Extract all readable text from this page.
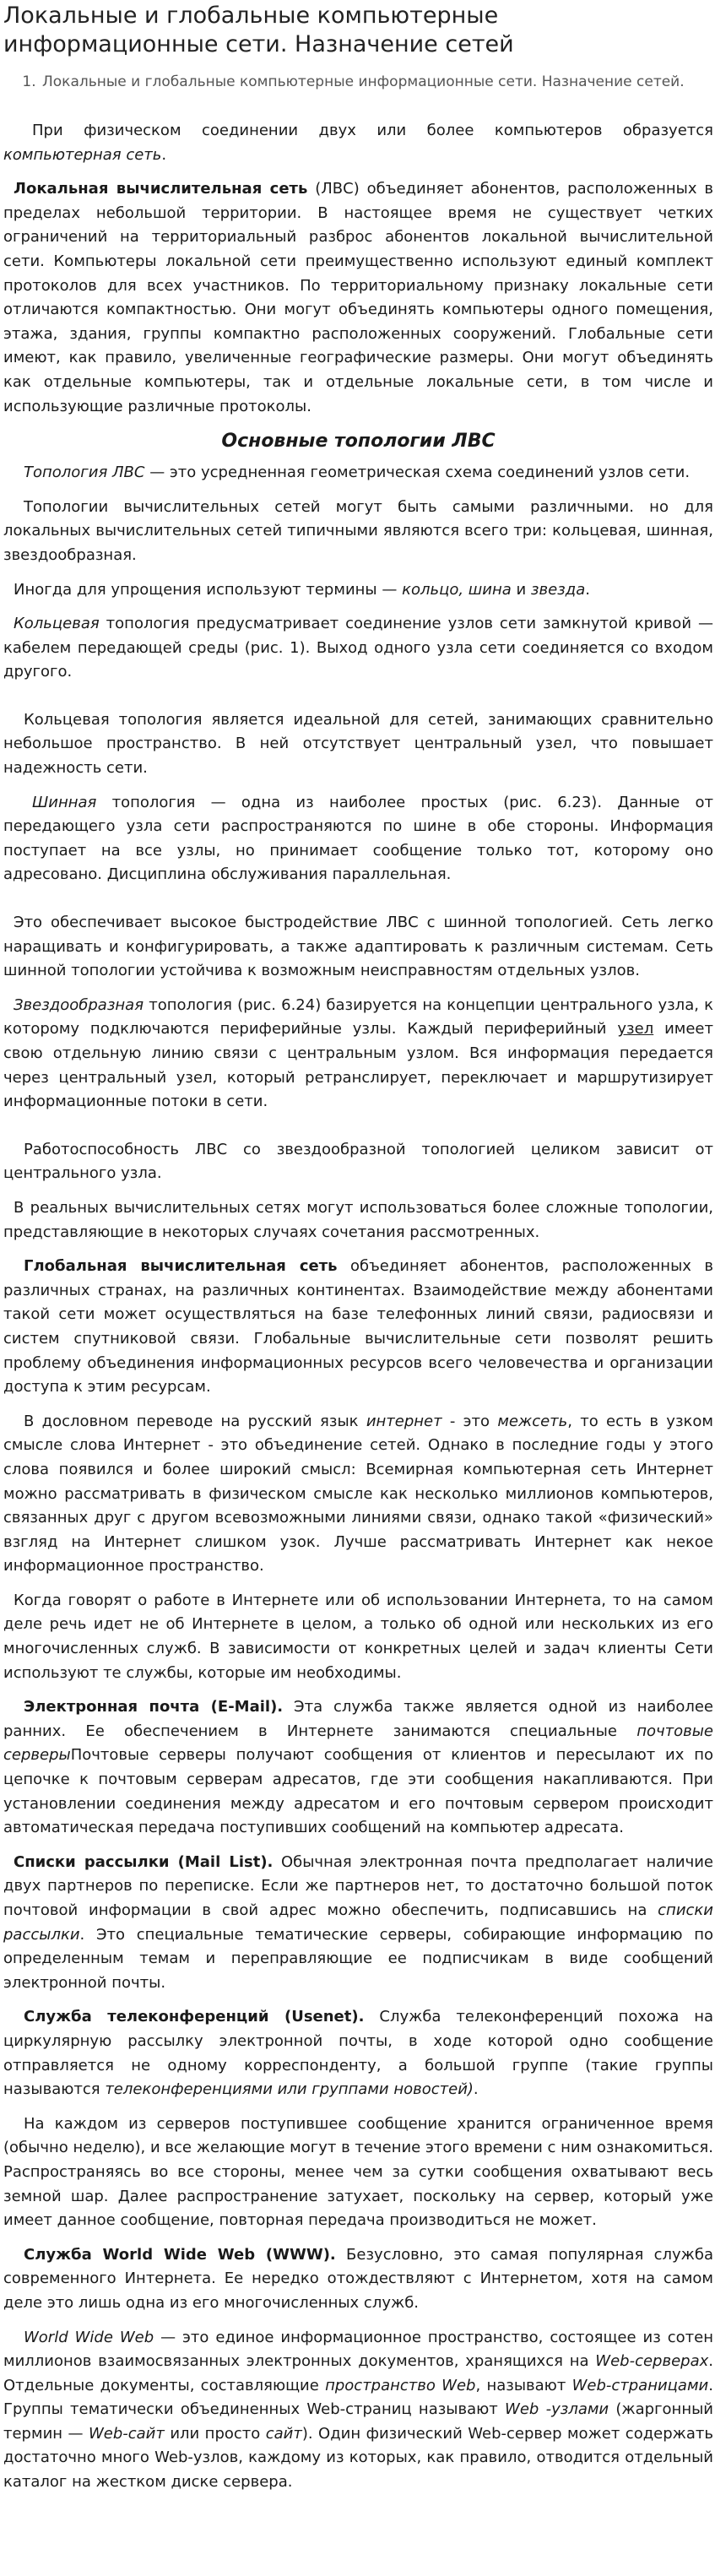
Локальные и глобальные компьютерные информационные сети. Назначение сетей
1. Локальные и глобальные компьютерные информационные сети. Назначение сетей.

При физическом соединении двух или более компьютеров образуется компьютерная сеть.

Локальная вычислительная сеть (ЛВС) объединяет абонентов, расположенных в пределах небольшой территории. В настоящее время не существует четких ограничений на территориальный разброс абонентов локальной вычислительной сети. Компьютеры локальной сети преимущественно используют единый комплект протоколов для всех участников. По территориальному признаку локальные сети отличаются компактностью. Они могут объединять компьютеры одного помещения, этажа, здания, группы компактно расположенных сооружений. Глобальные сети имеют, как правило, увеличенные географические размеры. Они могут объединять как отдельные компьютеры, так и отдельные локальные сети, в том числе и использующие различные протоколы.

Основные топологии ЛВС

Топология ЛВС — это усредненная геометрическая схема соединений узлов сети.

Топологии вычислительных сетей могут быть самыми различными. но для локальных вычислительных сетей типичными являются всего три: кольцевая, шинная, звездообразная.

Иногда для упрощения используют термины — кольцо, шина и звезда.

Кольцевая топология предусматривает соединение узлов сети замкнутой кривой — кабелем передающей среды (рис. 1). Выход одного узла сети соединяется со входом другого.

Кольцевая топология является идеальной для сетей, занимающих сравнительно небольшое пространство. В ней отсутствует центральный узел, что повышает надежность сети.

Шинная топология — одна из наиболее простых (рис. 6.23). Данные от передающего узла сети распространяются по шине в обе стороны. Информация поступает на все узлы, но принимает сообщение только тот, которому оно адресовано. Дисциплина обслуживания параллельная.

Это обеспечивает высокое быстродействие ЛВС с шинной топологией. Сеть легко наращивать и конфигурировать, а также адаптировать к различным системам. Сеть шинной топологии устойчива к возможным неисправностям отдельных узлов.

Звездообразная топология (рис. 6.24) базируется на концепции центрального узла, к которому подключаются периферийные узлы. Каждый периферийный узел имеет свою отдельную линию связи с центральным узлом. Вся информация передается через центральный узел, который ретранслирует, переключает и маршрутизирует информационные потоки в сети.

Работоспособность ЛВС со звездообразной топологией целиком зависит от центрального узла.

В реальных вычислительных сетях могут использоваться более сложные топологии, представляющие в некоторых случаях сочетания рассмотренных.

Глобальная вычислительная сеть объединяет абонентов, расположенных в различных странах, на различных континентах. Взаимодействие между абонентами такой сети может осуществляться на базе телефонных линий связи, радиосвязи и систем спутниковой связи. Глобальные вычислительные сети позволят решить проблему объединения информационных ресурсов всего человечества и организации доступа к этим ресурсам.

В дословном переводе на русский язык интернет - это межсеть, то есть в узком смысле слова Интернет - это объединение сетей. Однако в последние годы у этого слова появился и более широкий смысл: Всемирная компьютерная сеть Интернет можно рассматривать в физическом смысле как несколько миллионов компьютеров, связанных друг с другом всевозможными линиями связи, однако такой «физический» взгляд на Интернет слишком узок. Лучше рассматривать Интернет как некое информационное пространство.

Когда говорят о работе в Интернете или об использовании Интернета, то на самом деле речь идет не об Интернете в целом, а только об одной или нескольких из его многочисленных служб. В зависимости от конкретных целей и задач клиенты Сети используют те службы, которые им необходимы.

Электронная почта (E-Mail). Эта служба также является одной из наиболее ранних. Ее обеспечением в Интернете занимаются специальные почтовые серверыПочтовые серверы получают сообщения от клиентов и пересылают их по цепочке к почтовым серверам адресатов, где эти сообщения накапливаются. При установлении соединения между адресатом и его почтовым сервером происходит автоматическая передача поступивших сообщений на компьютер адресата.

Списки рассылки (Mail List). Обычная электронная почта предполагает наличие двух партнеров по переписке. Если же партнеров нет, то достаточно большой поток почтовой информации в свой адрес можно обеспечить, подписавшись на списки рассылки. Это специальные тематические серверы, собирающие информацию по определенным темам и переправляющие ее подписчикам в виде сообщений электронной почты.

Служба телеконференций (Usenet). Служба телеконференций похожа на циркулярную рассылку электронной почты, в ходе которой одно сообщение отправляется не одному корреспонденту, а большой группе (такие группы называются телеконференциями или группами новостей).

На каждом из серверов поступившее сообщение хранится ограниченное время (обычно неделю), и все желающие могут в течение этого времени с ним ознакомиться. Распространяясь во все стороны, менее чем за сутки сообщения охватывают весь земной шар. Далее распространение затухает, поскольку на сервер, который уже имеет данное сообщение, повторная передача производиться не может.

Служба World Wide Web (WWW). Безусловно, это самая популярная служба современного Интернета. Ее нередко отождествляют с Интернетом, хотя на самом деле это лишь одна из его многочисленных служб.

World Wide Web — это единое информационное пространство, состоящее из сотен миллионов взаимосвязанных электронных документов, хранящихся на Web-серверах. Отдельные документы, составляющие пространство Web, называют Web-страницами. Группы тематически объединенных Web-страниц называют Web -узлами (жаргонный термин — Web-сайт или просто сайт). Один физический Web-сервер может содержать достаточно много Web-узлов, каждому из которых, как правило, отводится отдельный каталог на жестком диске сервера.
